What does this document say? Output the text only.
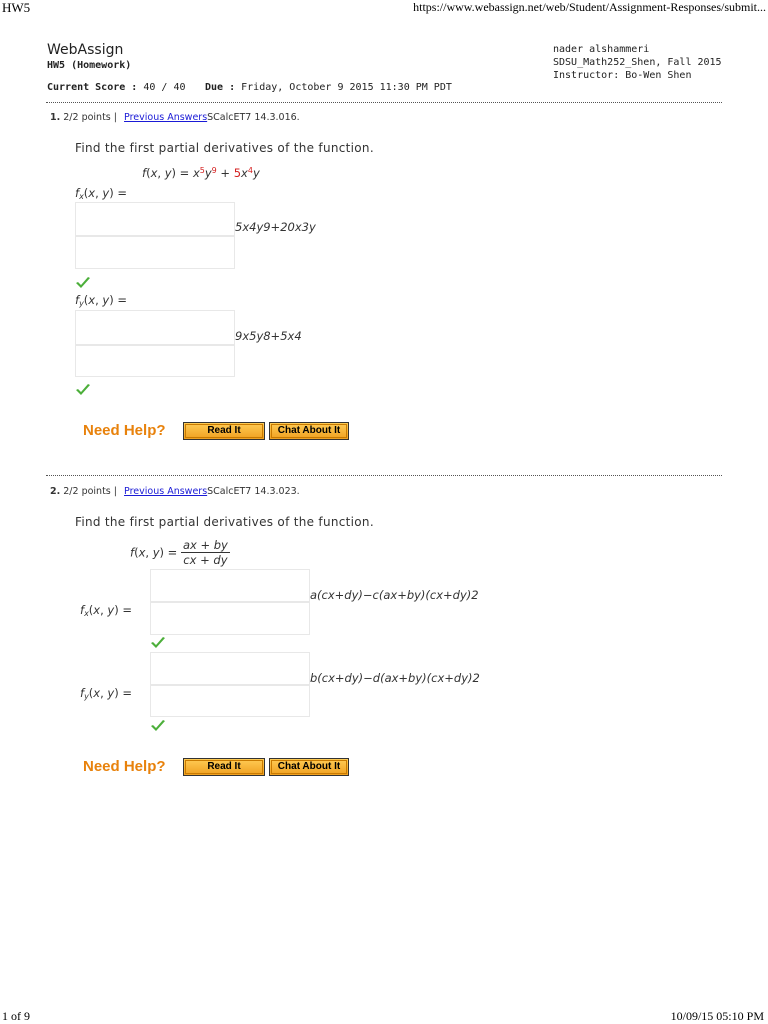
HW5	https://www.webassign.net/web/Student/Assignment-Responses/submit...
1 of 9	10/09/15 05:10 PM
WebAssign
HW5 (Homework)
Current Score : 40 / 40 Due : Friday, October 9 2015 11:30 PM PDT
nader alshammeri
SDSU_Math252_Shen, Fall 2015
Instructor: Bo-Wen Shen
1. 2/2 points | Previous AnswersSCalcET7 14.3.016.
Find the first partial derivatives of the function.
f(x, $y) = x^5y^9 + 5x^4y$
$f_x(x$, y) =
5x4y9+20x3y
$f_y(x$, y) =
9x5y8+5x4
Need Help?	Read It	Chat About It
2. 2/2 points | Previous AnswersSCalcET7 14.3.023.
Find the first partial derivatives of the function.
f(x, $y) = \frac{ax + by}{cx + dy}$
$f_x(x$, y) =
a(cx+dy)−c(ax+by)(cx+dy)2
$f_y(x$, y) =
b(cx+dy)−d(ax+by)(cx+dy)2
Need Help?	Read It	Chat About It
